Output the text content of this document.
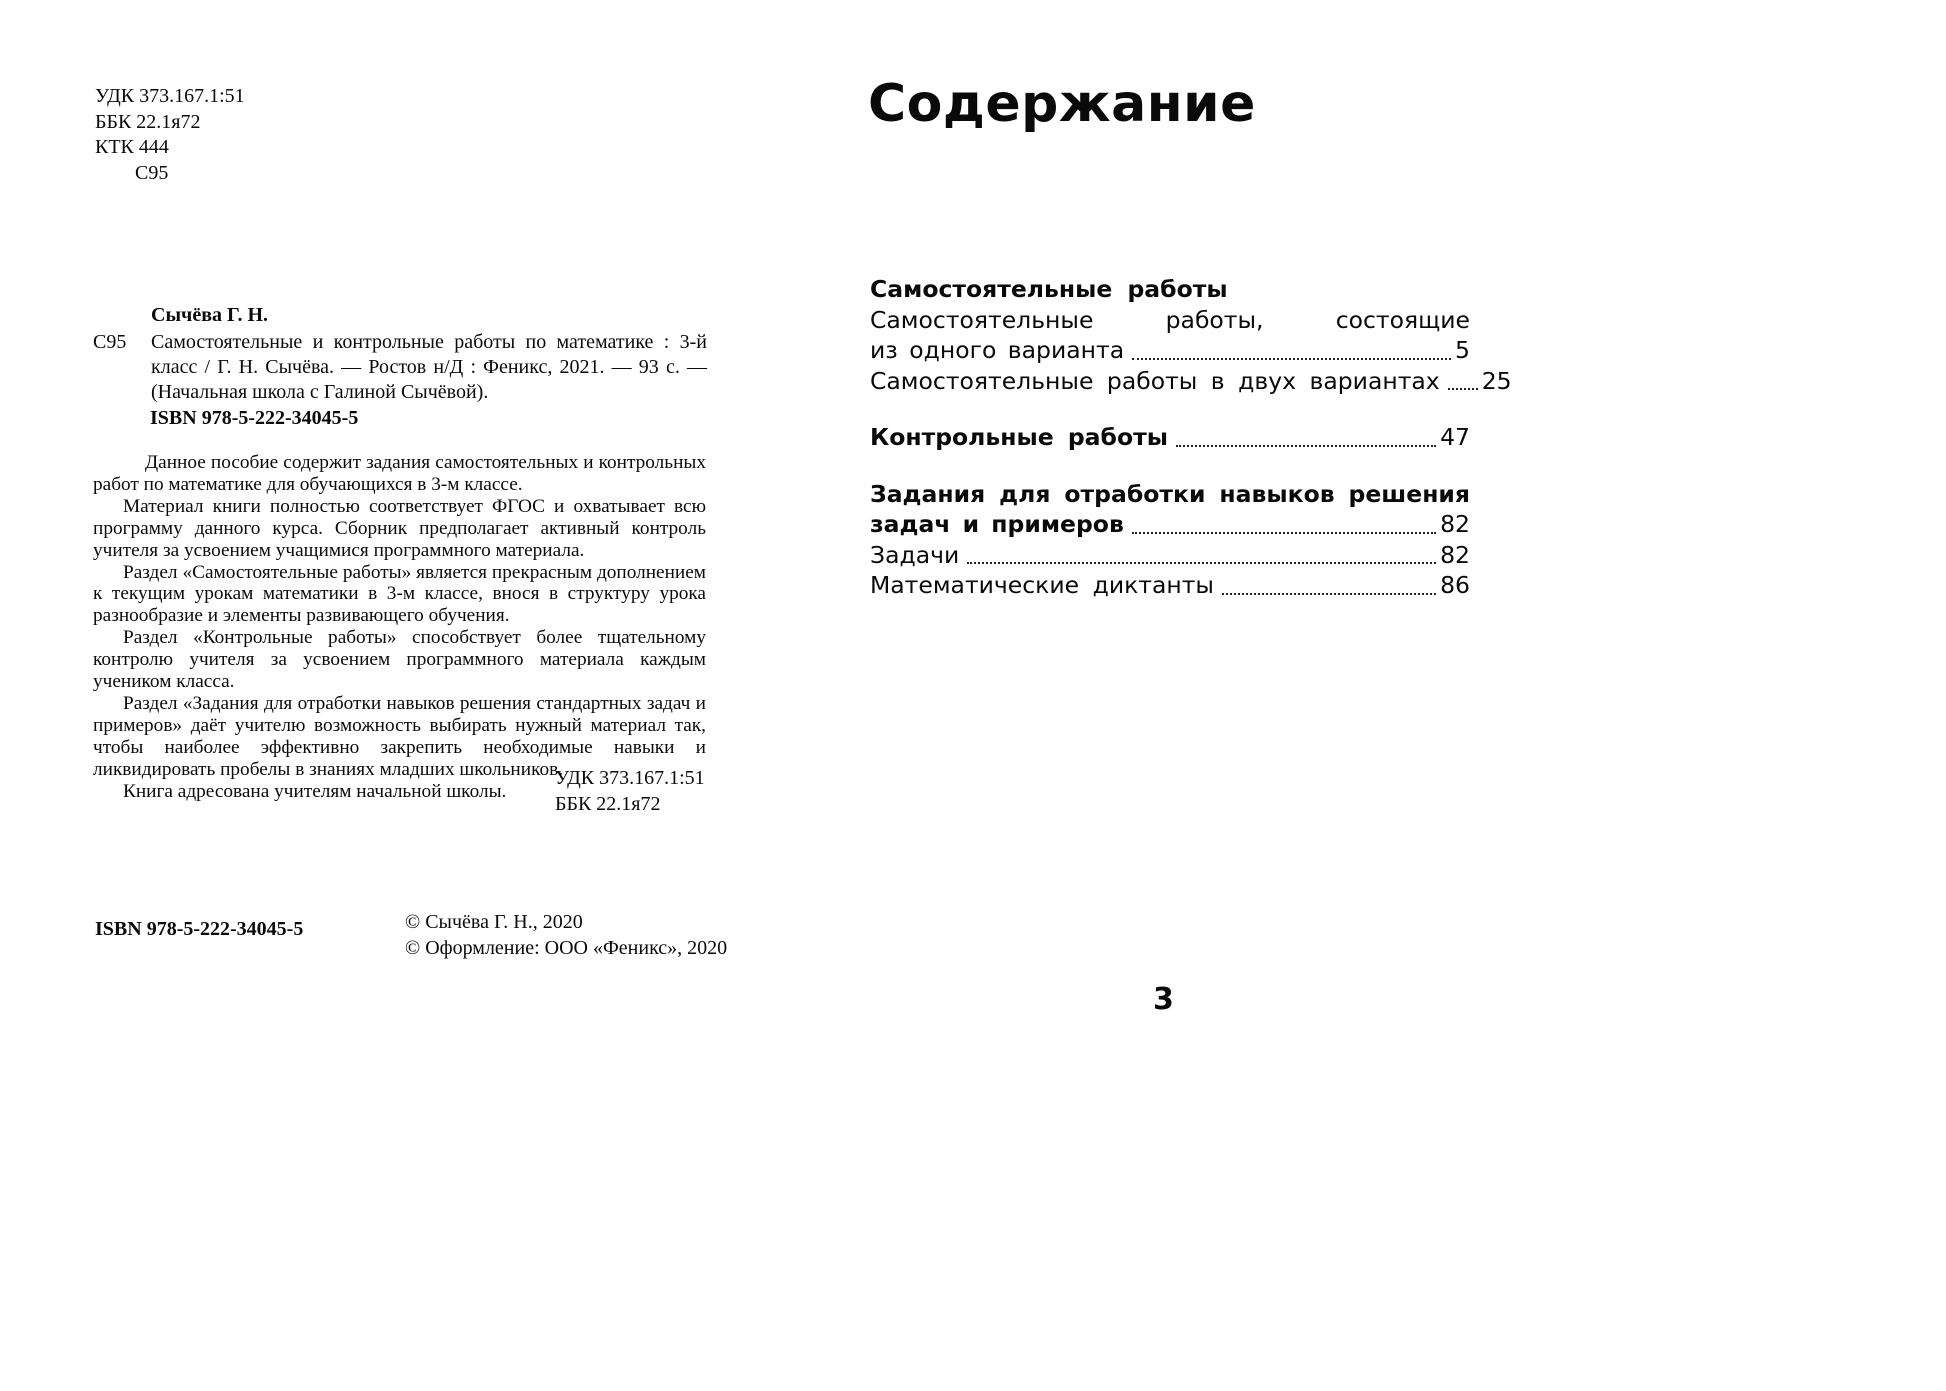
УДК 373.167.1:51
ББК 22.1я72
КТК 444
С95
Сычёва Г. Н.
С95 Самостоятельные и контрольные работы по математике : 3-й класс / Г. Н. Сычёва. — Ростов н/Д : Феникс, 2021. — 93 с. — (Начальная школа с Галиной Сычёвой).
ISBN 978-5-222-34045-5

Данное пособие содержит задания самостоятельных и контрольных работ по математике для обучающихся в 3-м классе.

Материал книги полностью соответствует ФГОС и охватывает всю программу данного курса. Сборник предполагает активный контроль учителя за усвоением учащимися программного материала.

Раздел «Самостоятельные работы» является прекрасным дополнением к текущим урокам математики в 3-м классе, внося в структуру урока разнообразие и элементы развивающего обучения.

Раздел «Контрольные работы» способствует более тщательному контролю учителя за усвоением программного материала каждым учеником класса.

Раздел «Задания для отработки навыков решения стандартных задач и примеров» даёт учителю возможность выбирать нужный материал так, чтобы наиболее эффективно закрепить необходимые навыки и ликвидировать пробелы в знаниях младших школьников.

Книга адресована учителям начальной школы.

УДК 373.167.1:51
ББК 22.1я72
ISBN 978-5-222-34045-5	© Сычёва Г. Н., 2020
© Оформление: ООО «Феникс», 2020
Содержание
Самостоятельные работы
Самостоятельные работы, состоящие
из одного варианта	5
Самостоятельные работы в двух вариантах 25
Контрольные работы	47
Задания для отработки навыков решения
задач и примеров	82
Задачи	82
Математические диктанты	86
3
